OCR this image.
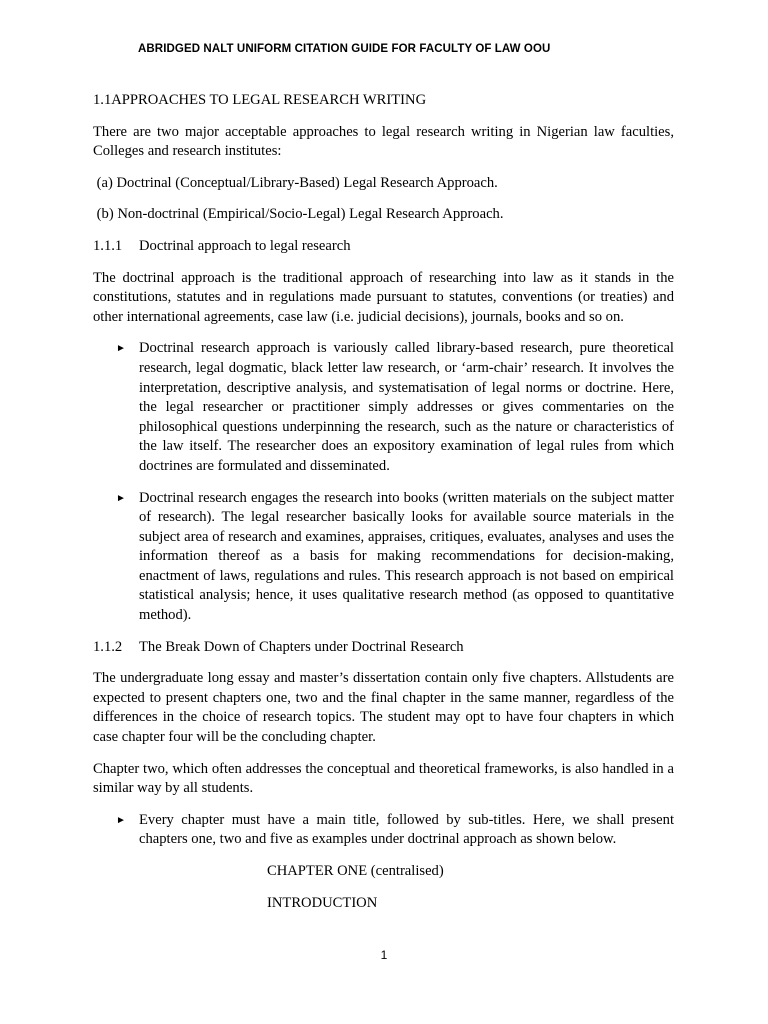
ABRIDGED NALT UNIFORM CITATION GUIDE FOR FACULTY OF LAW OOU

1.1APPROACHES TO LEGAL RESEARCH WRITING

There are two major acceptable approaches to legal research writing in Nigerian law faculties, Colleges and research institutes:

(a) Doctrinal (Conceptual/Library-Based) Legal Research Approach.

(b) Non-doctrinal (Empirical/Socio-Legal) Legal Research Approach.

1.1.1 Doctrinal approach to legal research

The doctrinal approach is the traditional approach of researching into law as it stands in the constitutions, statutes and in regulations made pursuant to statutes, conventions (or treaties) and other international agreements, case law (i.e. judicial decisions), journals, books and so on.

► Doctrinal research approach is variously called library-based research, pure theoretical research, legal dogmatic, black letter law research, or ‘arm-chair’ research. It involves the interpretation, descriptive analysis, and systematisation of legal norms or doctrine. Here, the legal researcher or practitioner simply addresses or gives commentaries on the philosophical questions underpinning the research, such as the nature or characteristics of the law itself. The researcher does an expository examination of legal rules from which doctrines are formulated and disseminated.
► Doctrinal research engages the research into books (written materials on the subject matter of research). The legal researcher basically looks for available source materials in the subject area of research and examines, appraises, critiques, evaluates, analyses and uses the information thereof as a basis for making recommendations for decision-making, enactment of laws, regulations and rules. This research approach is not based on empirical statistical analysis; hence, it uses qualitative research method (as opposed to quantitative method).

1.1.2 The Break Down of Chapters under Doctrinal Research

The undergraduate long essay and master’s dissertation contain only five chapters. Allstudents are expected to present chapters one, two and the final chapter in the same manner, regardless of the differences in the choice of research topics. The student may opt to have four chapters in which case chapter four will be the concluding chapter.

Chapter two, which often addresses the conceptual and theoretical frameworks, is also handled in a similar way by all students.

► Every chapter must have a main title, followed by sub-titles. Here, we shall present chapters one, two and five as examples under doctrinal approach as shown below.

CHAPTER ONE (centralised)

INTRODUCTION

1
